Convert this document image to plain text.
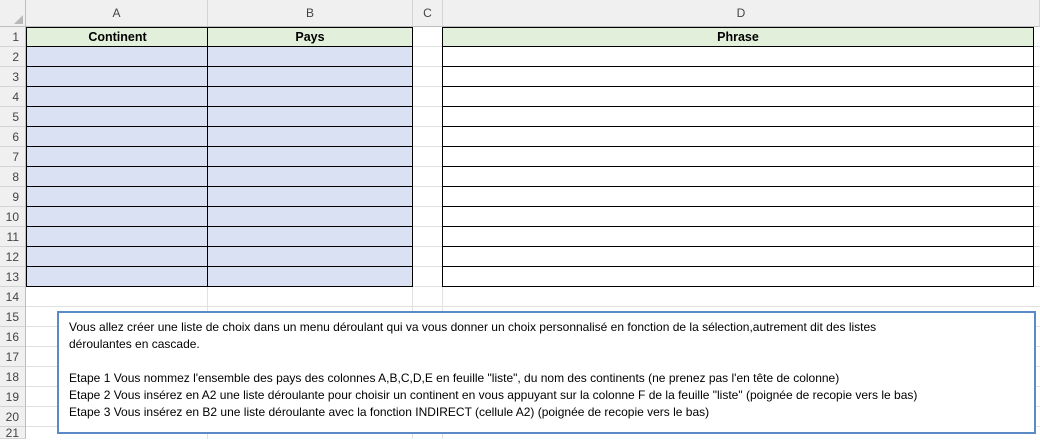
A	B	C	D
1
2
3
4
5
6
7
8
9
10
11
12
13
14
15
16
17
18
19
20
21
Continent	Pays	Phrase

Vous allez créer une liste de choix dans un menu déroulant qui va vous donner un choix personnalisé en fonction de la sélection,autrement dit des listes

déroulantes en cascade.

Etape 1 Vous nommez l'ensemble des pays des colonnes A,B,C,D,E en feuille "liste", du nom des continents (ne prenez pas l'en tête de colonne)

Etape 2 Vous insérez en A2 une liste déroulante pour choisir un continent en vous appuyant sur la colonne F de la feuille "liste" (poignée de recopie vers le bas)

Etape 3 Vous insérez en B2 une liste déroulante avec la fonction INDIRECT (cellule A2) (poignée de recopie vers le bas)
